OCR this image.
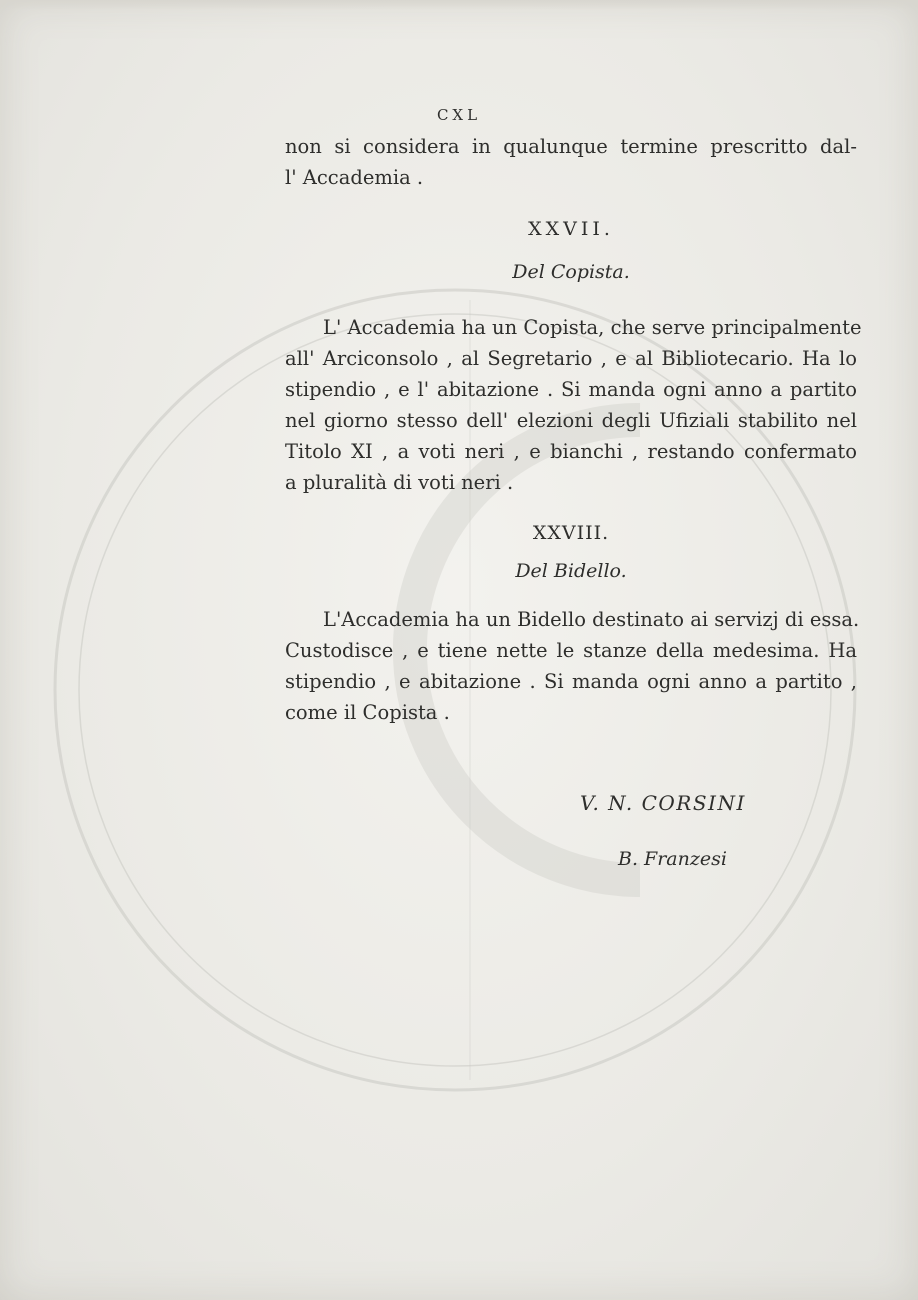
CXL
non si considera in qualunque termine prescritto dal-
l' Accademia .
XXVII.
Del Copista.
L' Accademia ha un Copista, che serve principalmente
all' Arciconsolo , al Segretario , e al Bibliotecario. Ha lo
stipendio , e l' abitazione . Si manda ogni anno a partito
nel giorno stesso dell' elezioni degli Ufiziali stabilito nel
Titolo XI , a voti neri , e bianchi , restando confermato
a pluralità di voti neri .
XXVIII.
Del Bidello.
L'Accademia ha un Bidello destinato ai servizj di essa.
Custodisce , e tiene nette le stanze della medesima. Ha
stipendio , e abitazione . Si manda ogni anno a partito ,
come il Copista .
V. N. CORSINI
B. Franzesi
